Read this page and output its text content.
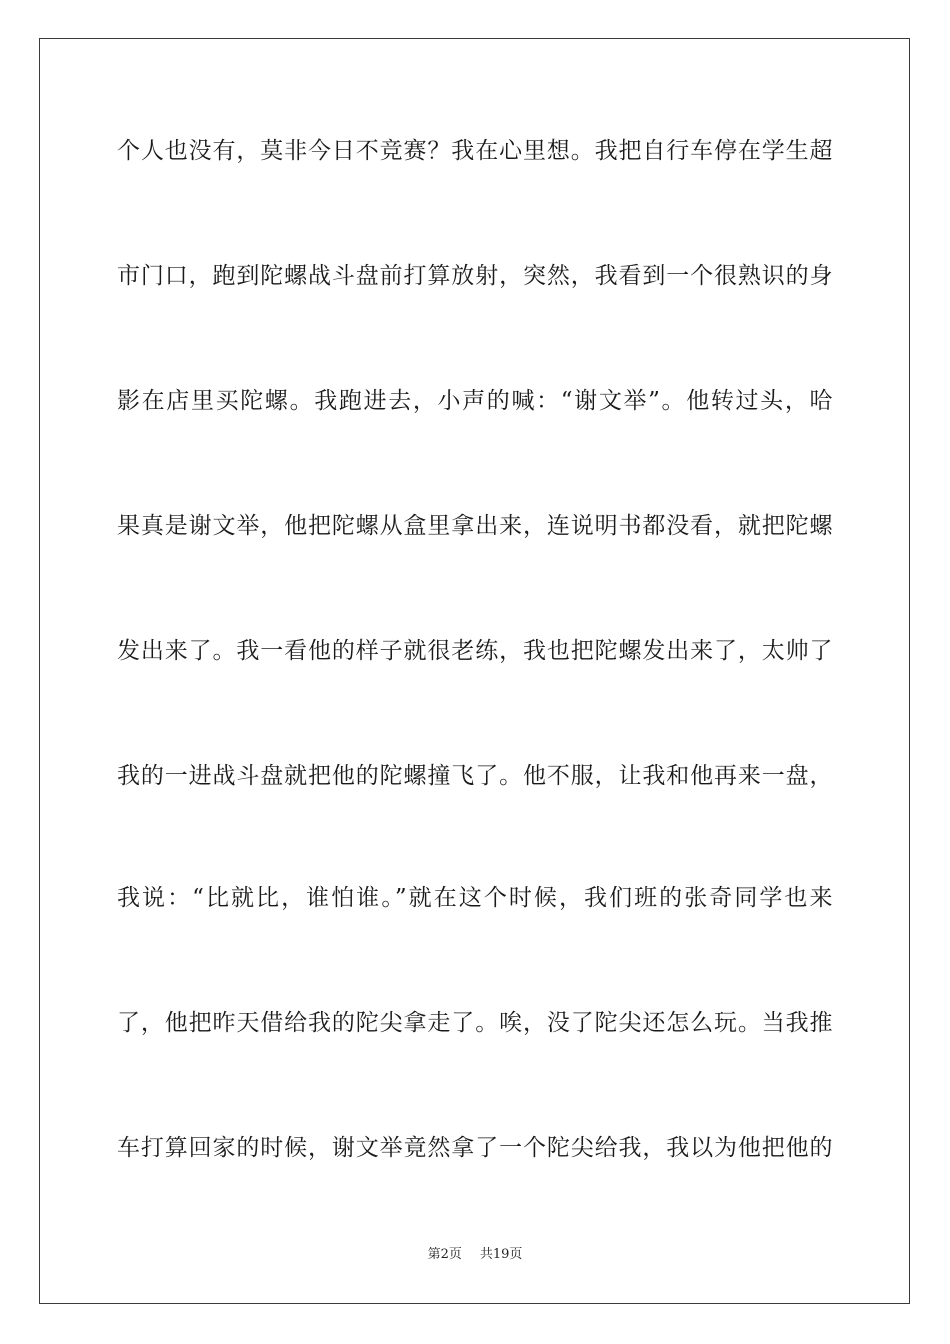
个人也没有，莫非今日不竞赛？我在心里想。我把自行车停在学生超
市门口，跑到陀螺战斗盘前打算放射，突然，我看到一个很熟识的身
影在店里买陀螺。我跑进去，小声的喊：“谢文举”。他转过头，哈
果真是谢文举，他把陀螺从盒里拿出来，连说明书都没看，就把陀螺
发出来了。我一看他的样子就很老练，我也把陀螺发出来了，太帅了
我的一进战斗盘就把他的陀螺撞飞了。他不服，让我和他再来一盘，
我说：“比就比，谁怕谁。”就在这个时候，我们班的张奇同学也来
了，他把昨天借给我的陀尖拿走了。唉，没了陀尖还怎么玩。当我推
车打算回家的时候，谢文举竟然拿了一个陀尖给我，我以为他把他的
第2页 共19页
